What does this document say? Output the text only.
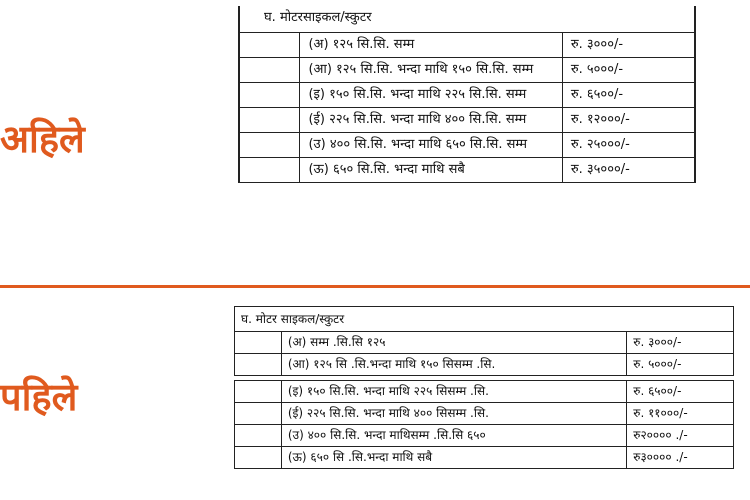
अहिले
पहिले
घ. मोटरसाइकल/स्कुटर		
	(अ) १२५ सि.सि. सम्म	रु. ३०००/-
	(आ) १२५ सि.सि. भन्दा माथि १५० सि.सि. सम्म	रु. ५०००/-
	(इ) १५० सि.सि. भन्दा माथि २२५ सि.सि. सम्म	रु. ६५००/-
	(ई) २२५ सि.सि. भन्दा माथि ४०० सि.सि. सम्म	रु. १२०००/-
	(उ) ४०० सि.सि. भन्दा माथि ६५० सि.सि. सम्म	रु. २५०००/-
	(ऊ) ६५० सि.सि. भन्दा माथि सबै	रु. ३५०००/-
घ. मोटर साइकल/स्कुटर		
	(अ) सम्म .सि.सि १२५	रु. ३०००/-
	(आ) १२५ सि .सि.भन्दा माथि १५० सिसम्म .सि.	रु. ५०००/-

	(इ) १५० सि.सि. भन्दा माथि २२५ सिसम्म .सि.	रु. ६५००/-
	(ई) २२५ सि.सि. भन्दा माथि ४०० सिसम्म .सि.	रु. ११०००/-
	(उ) ४०० सि.सि. भन्दा माथिसम्म .सि.सि ६५०	रु२०००० ./-
	(ऊ) ६५० सि .सि.भन्दा माथि सबै	रु३०००० ./-
